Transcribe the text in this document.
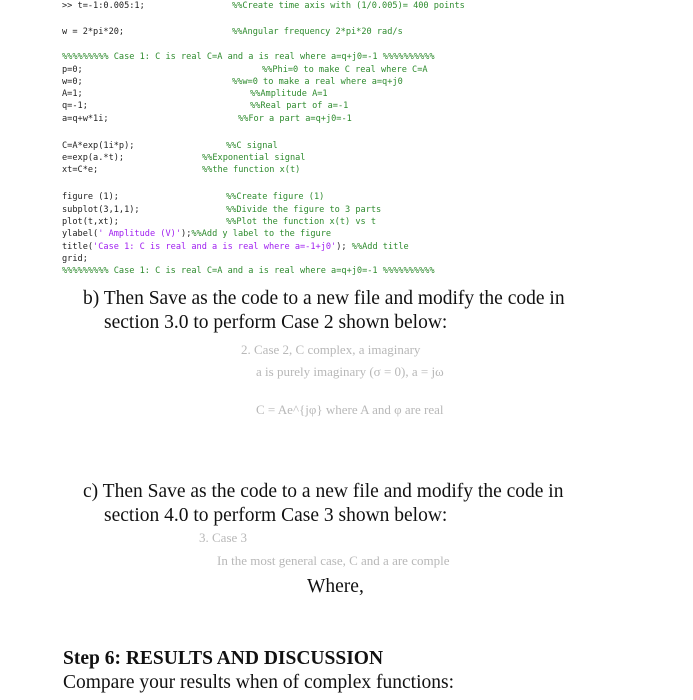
>> t=-1:0.005:1;	%%Create time axis with (1/0.005)= 400 points
w = 2*pi*20;	%%Angular frequency 2*pi*20 rad/s
%%%%%%%%% Case 1: C is real C=A and a is real where a=q+j0=-1 %%%%%%%%%%
p=0;	%%Phi=0 to make C real where C=A
w=0;	%%w=0 to make a real where a=q+j0
A=1;	%%Amplitude A=1
q=-1;	%%Real part of a=-1
a=q+w*1i;	%%For a part a=q+j0=-1
C=A*exp(1i*p);	%%C signal
e=exp(a.*t);	%%Exponential signal
xt=C*e;	%%the function x(t)
figure (1);	%%Create figure (1)
subplot(3,1,1);	%%Divide the figure to 3 parts
plot(t,xt);	%%Plot the function x(t) vs t
ylabel(' Amplitude (V)');%%Add y label to the figure
title('Case 1: C is real and a is real where a=-1+j0'); %%Add title
grid;
%%%%%%%%% Case 1: C is real C=A and a is real where a=q+j0=-1 %%%%%%%%%%
b) Then Save as the code to a new file and modify the code in
section 3.0 to perform Case 2 shown below:
2. Case 2, C complex, a imaginary
a is purely imaginary (σ = 0), a = jω
C = Ae^{jφ} where A and φ are real
c) Then Save as the code to a new file and modify the code in
section 4.0 to perform Case 3 shown below:
3. Case 3
In the most general case, C and a are comple
Where,
Step 6: RESULTS AND DISCUSSION
Compare your results when of complex functions:
